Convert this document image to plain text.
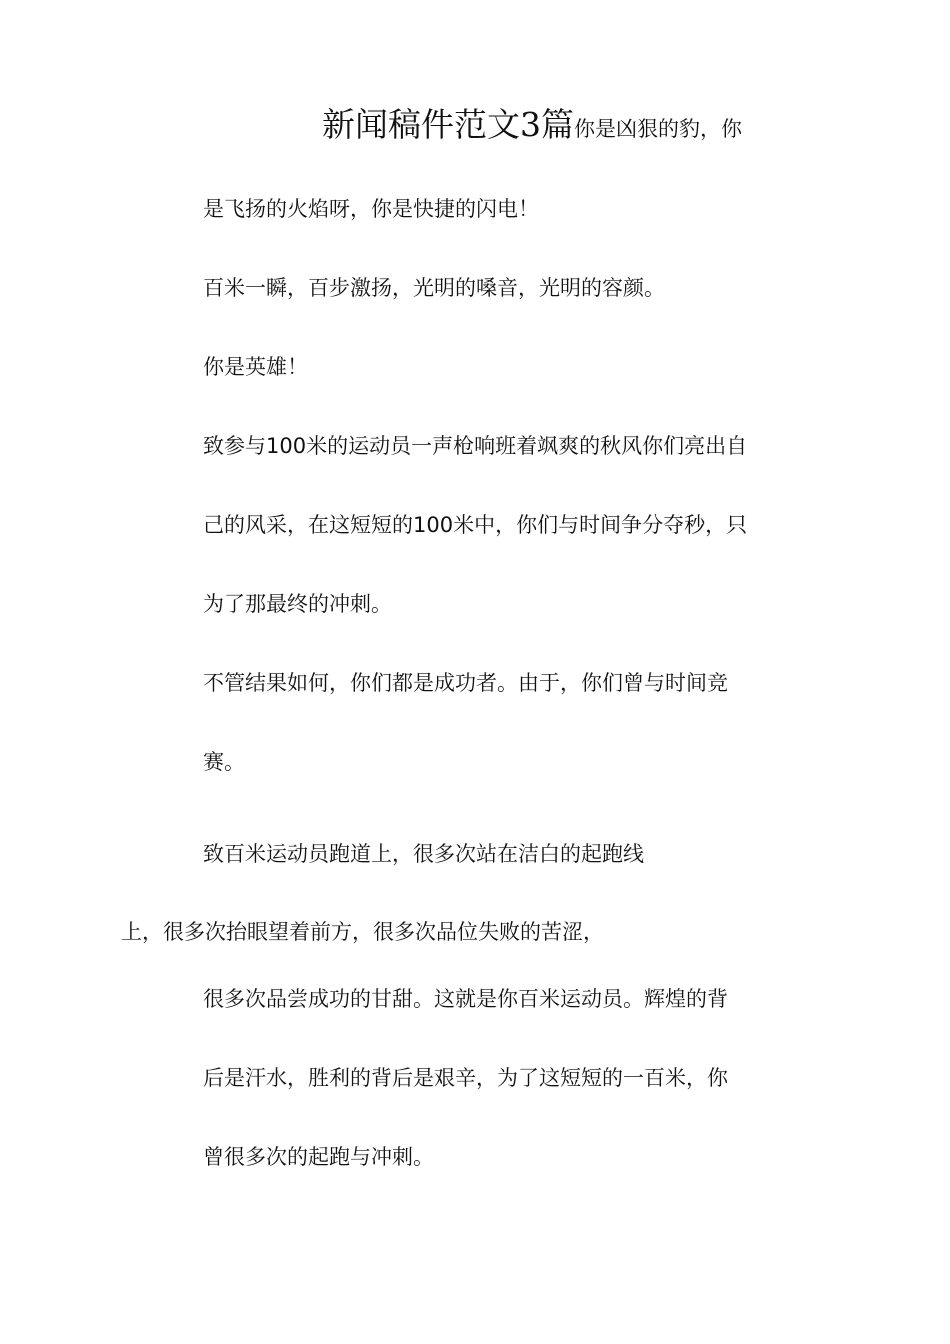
新闻稿件范文3篇你是凶狠的豹，你
是飞扬的火焰呀，你是快捷的闪电！
百米一瞬，百步激扬，光明的嗓音，光明的容颜。
你是英雄！
致参与100米的运动员一声枪响班着飒爽的秋风你们亮出自
己的风采，在这短短的100米中，你们与时间争分夺秒，只
为了那最终的冲刺。
不管结果如何，你们都是成功者。由于，你们曾与时间竞
赛。
致百米运动员跑道上，很多次站在洁白的起跑线
上，很多次抬眼望着前方，很多次品位失败的苦涩，
很多次品尝成功的甘甜。这就是你百米运动员。辉煌的背
后是汗水，胜利的背后是艰辛，为了这短短的一百米，你
曾很多次的起跑与冲刺。
